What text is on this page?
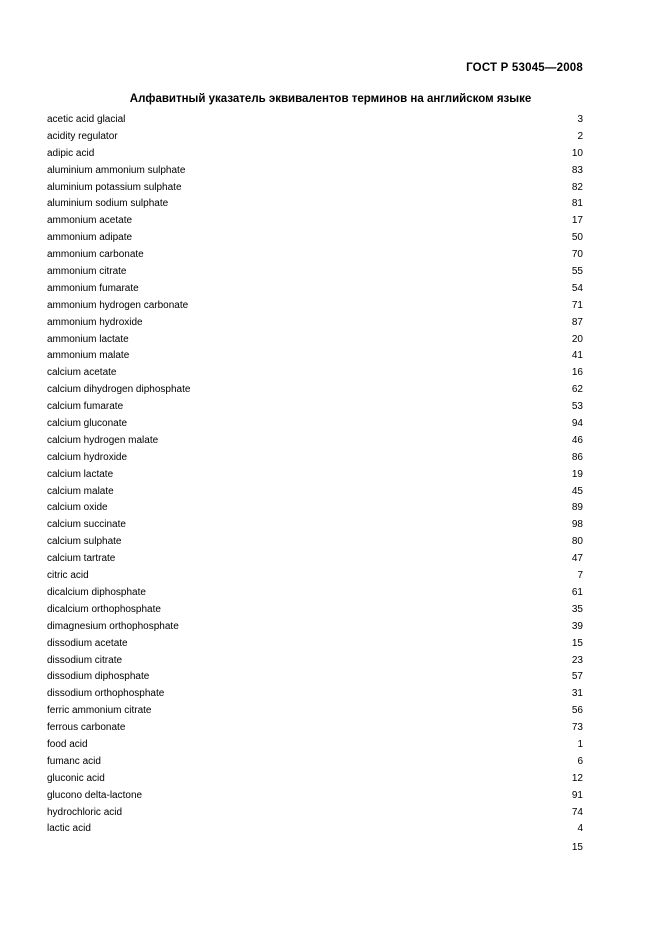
ГОСТ Р 53045—2008
Алфавитный указатель эквивалентов терминов на английском языке
acetic acid glacial	3
acidity regulator	2
adipic acid	10
aluminium ammonium sulphate	83
aluminium potassium sulphate	82
aluminium sodium sulphate	81
ammonium acetate	17
ammonium adipate	50
ammonium carbonate	70
ammonium citrate	55
ammonium fumarate	54
ammonium hydrogen carbonate	71
ammonium hydroxide	87
ammonium lactate	20
ammonium malate	41
calcium acetate	16
calcium dihydrogen diphosphate	62
calcium fumarate	53
calcium gluconate	94
calcium hydrogen malate	46
calcium hydroxide	86
calcium lactate	19
calcium malate	45
calcium oxide	89
calcium succinate	98
calcium sulphate	80
calcium tartrate	47
citric acid	7
dicalcium diphosphate	61
dicalcium orthophosphate	35
dimagnesium orthophosphate	39
dissodium acetate	15
dissodium citrate	23
dissodium diphosphate	57
dissodium orthophosphate	31
ferric ammonium citrate	56
ferrous carbonate	73
food acid	1
fumanc acid	6
gluconic acid	12
glucono delta-lactone	91
hydrochloric acid	74
lactic acid	4
15
